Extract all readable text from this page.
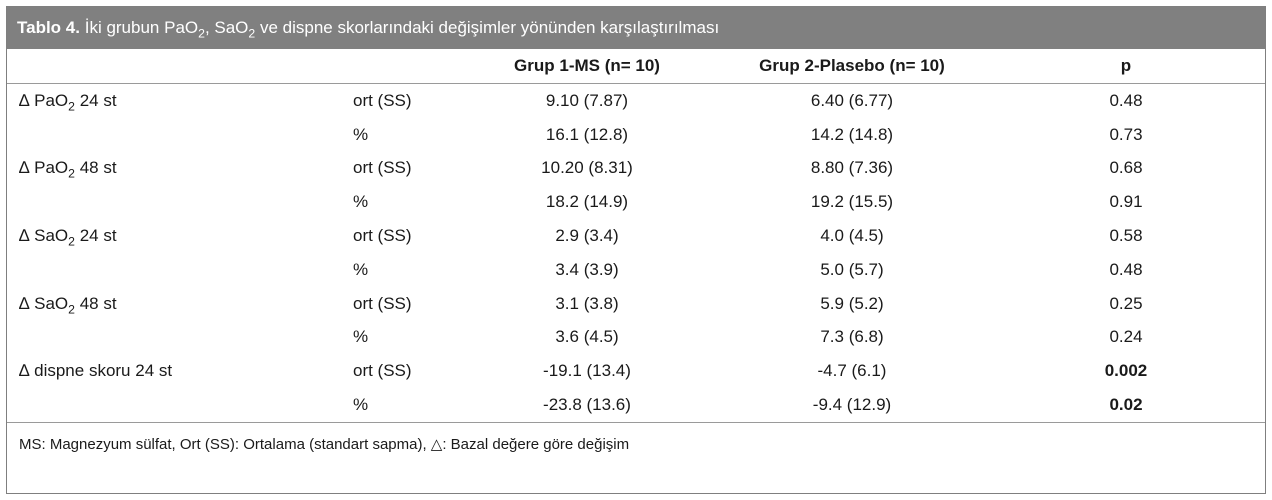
Tablo 4. İki grubun PaO$_2$, SaO$_2$ ve dispne skorlarındaki değişimler yönünden karşılaştırılması
		Grup 1-MS (n= 10)	Grup 2-Plasebo (n= 10)	p
∆ PaO$_2$ 24 st	ort (SS)	9.10 (7.87)	6.40 (6.77)	0.48
	%	16.1 (12.8)	14.2 (14.8)	0.73
∆ PaO$_2$ 48 st	ort (SS)	10.20 (8.31)	8.80 (7.36)	0.68
	%	18.2 (14.9)	19.2 (15.5)	0.91
∆ SaO$_2$ 24 st	ort (SS)	2.9 (3.4)	4.0 (4.5)	0.58
	%	3.4 (3.9)	5.0 (5.7)	0.48
∆ SaO$_2$ 48 st	ort (SS)	3.1 (3.8)	5.9 (5.2)	0.25
	%	3.6 (4.5)	7.3 (6.8)	0.24
∆ dispne skoru 24 st	ort (SS)	-19.1 (13.4)	-4.7 (6.1)	0.002
	%	-23.8 (13.6)	-9.4 (12.9)	0.02
MS: Magnezyum sülfat, Ort (SS): Ortalama (standart sapma), △: Bazal değere göre değişim
